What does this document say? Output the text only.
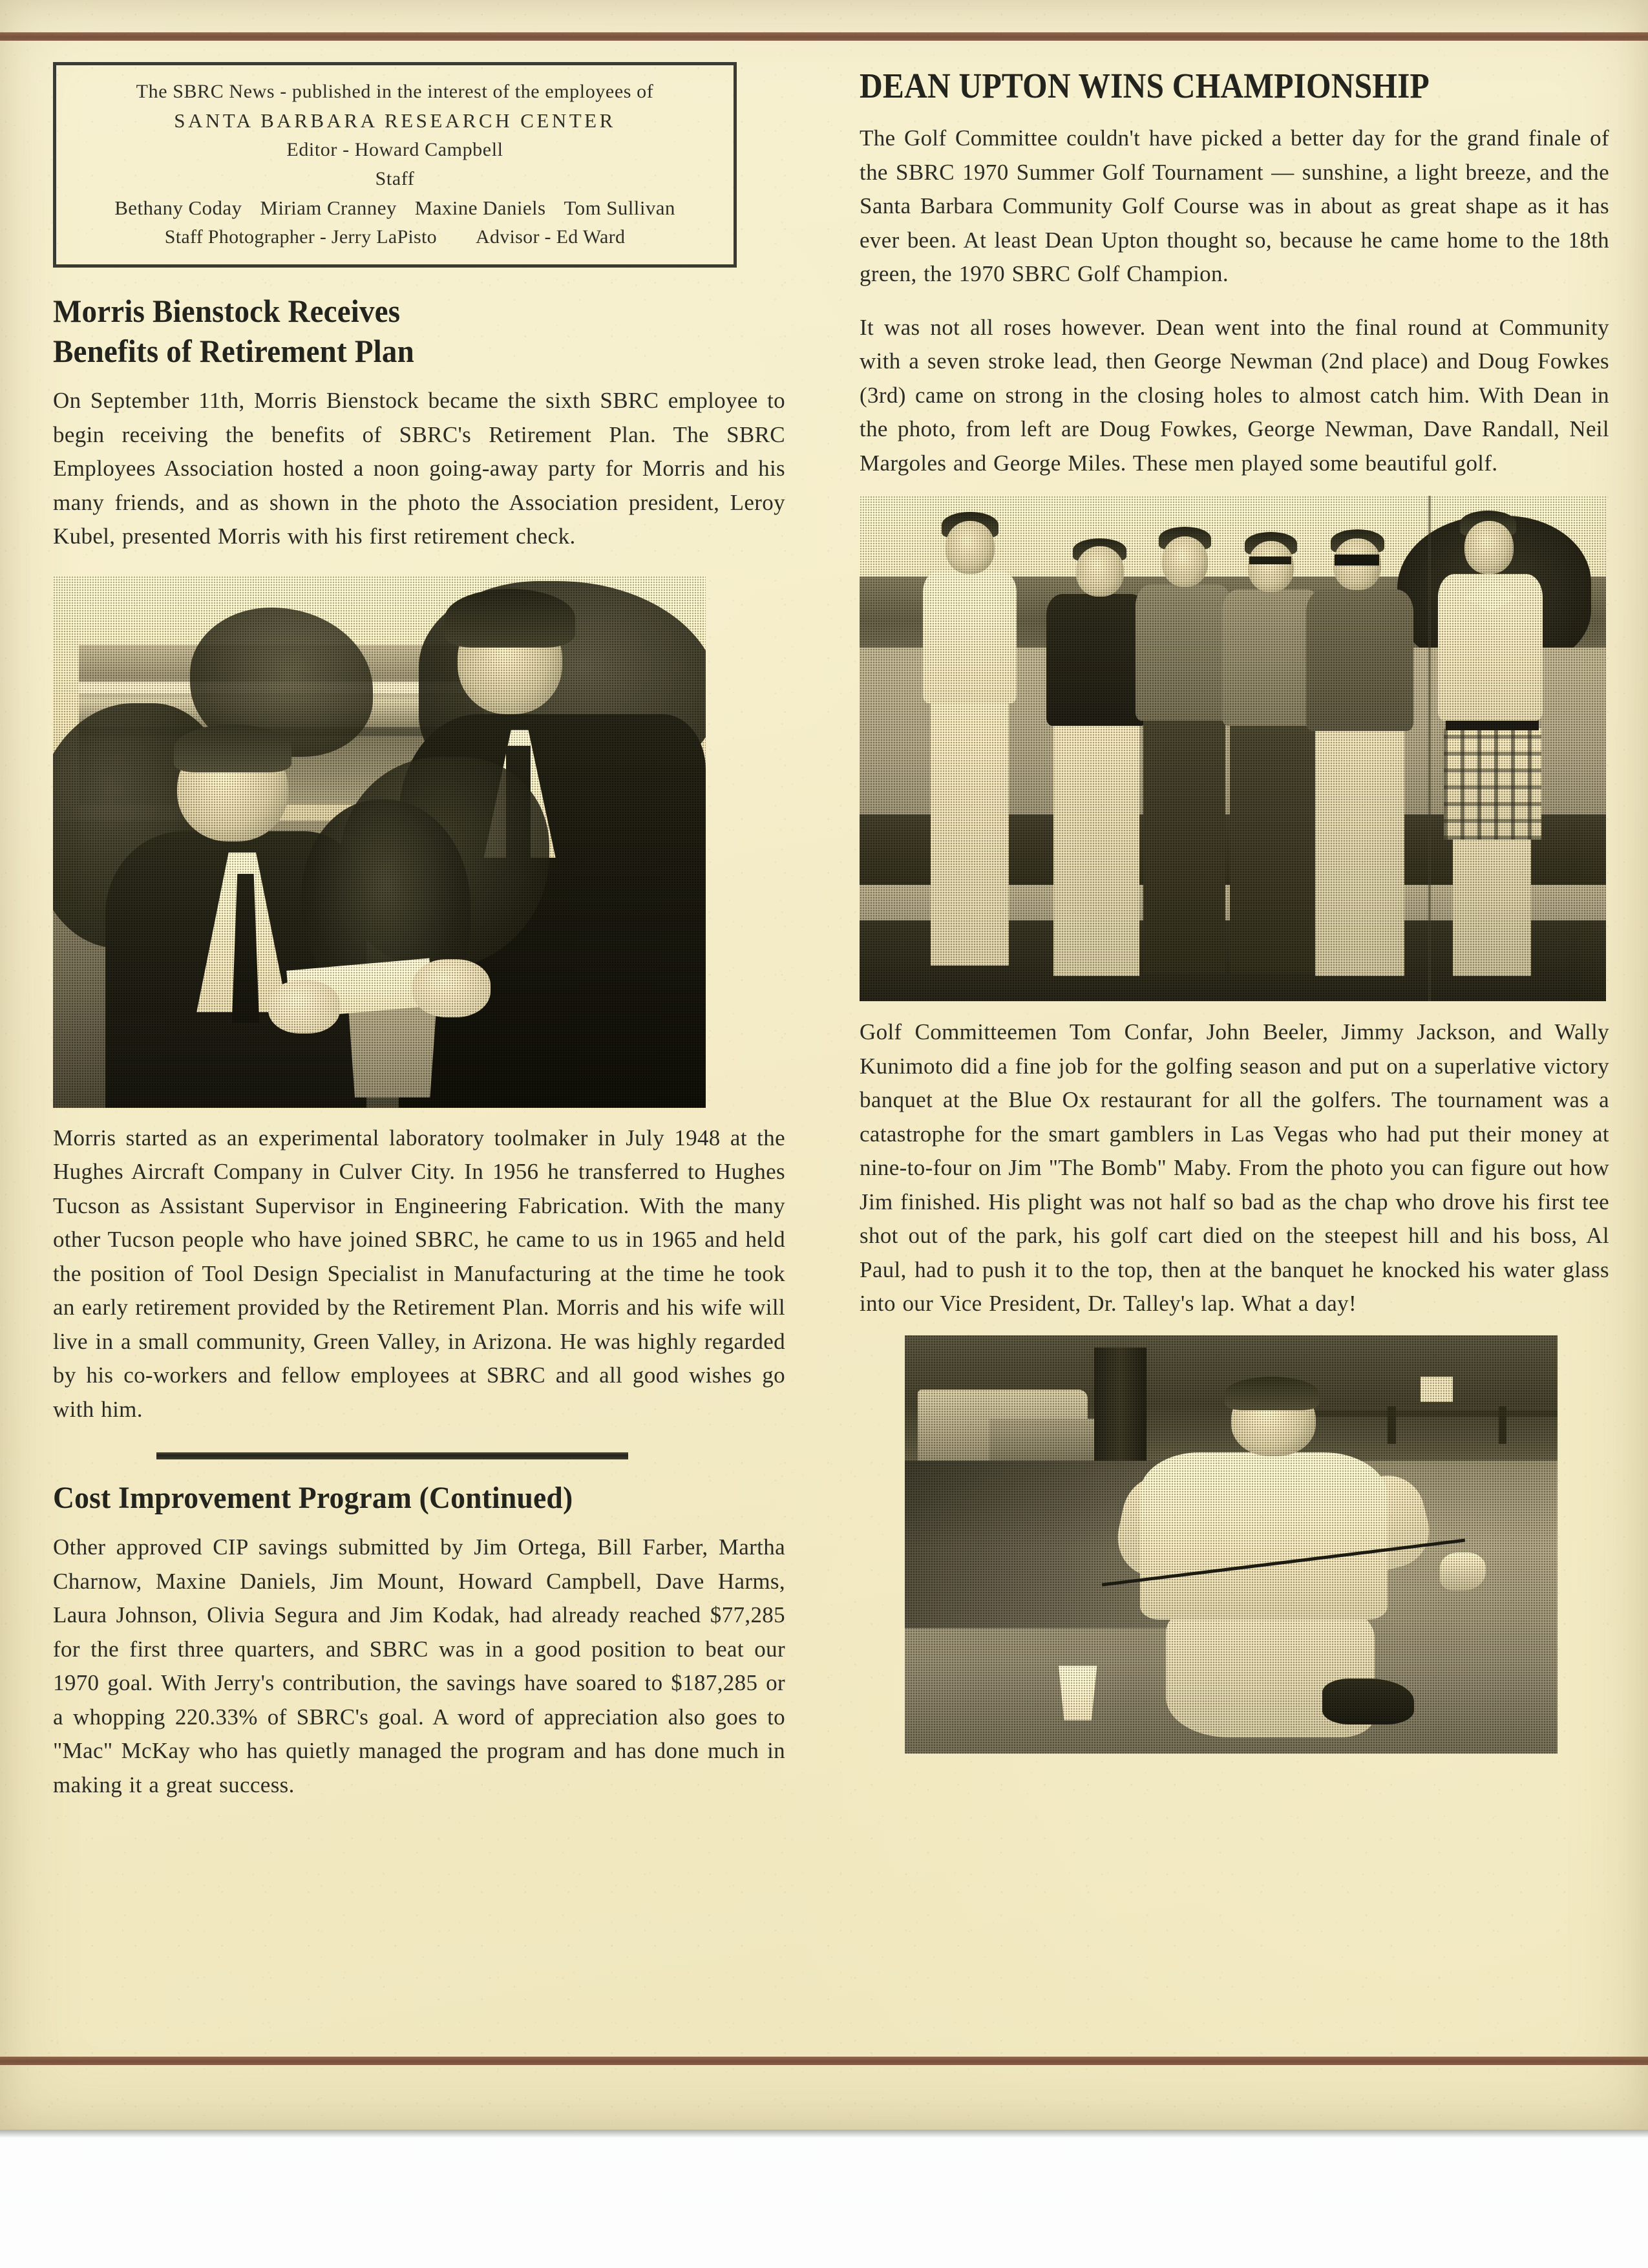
The SBRC News - published in the interest of the employees of
SANTA BARBARA RESEARCH CENTER
Editor - Howard Campbell
Staff
Bethany Coday Miriam Cranney Maxine Daniels Tom Sullivan
Staff Photographer - Jerry LaPisto Advisor - Ed Ward
Morris Bienstock Receives
Benefits of Retirement Plan

On September 11th, Morris Bienstock became the sixth SBRC employee to begin receiving the benefits of SBRC's Retirement Plan. The SBRC Employees Association hosted a noon going-away party for Morris and his many friends, and as shown in the photo the Association president, Leroy Kubel, presented Morris with his first retirement check.

Morris started as an experimental laboratory toolmaker in July 1948 at the Hughes Aircraft Company in Culver City. In 1956 he transferred to Hughes Tucson as Assistant Supervisor in Engineering Fabrication. With the many other Tucson people who have joined SBRC, he came to us in 1965 and held the position of Tool Design Specialist in Manufacturing at the time he took an early retirement provided by the Retirement Plan. Morris and his wife will live in a small community, Green Valley, in Arizona. He was highly regarded by his co-workers and fellow employees at SBRC and all good wishes go with him.

Cost Improvement Program (Continued)

Other approved CIP savings submitted by Jim Ortega, Bill Farber, Martha Charnow, Maxine Daniels, Jim Mount, Howard Campbell, Dave Harms, Laura Johnson, Olivia Segura and Jim Kodak, had already reached $77,285 for the first three quarters, and SBRC was in a good position to beat our 1970 goal. With Jerry's contribution, the savings have soared to $187,285 or a whopping 220.33% of SBRC's goal. A word of appreciation also goes to "Mac" McKay who has quietly managed the program and has done much in making it a great success.

DEAN UPTON WINS CHAMPIONSHIP

The Golf Committee couldn't have picked a better day for the grand finale of the SBRC 1970 Summer Golf Tournament — sunshine, a light breeze, and the Santa Barbara Community Golf Course was in about as great shape as it has ever been. At least Dean Upton thought so, because he came home to the 18th green, the 1970 SBRC Golf Champion.

It was not all roses however. Dean went into the final round at Community with a seven stroke lead, then George Newman (2nd place) and Doug Fowkes (3rd) came on strong in the closing holes to almost catch him. With Dean in the photo, from left are Doug Fowkes, George Newman, Dave Randall, Neil Margoles and George Miles. These men played some beautiful golf.

Golf Committeemen Tom Confar, John Beeler, Jimmy Jackson, and Wally Kunimoto did a fine job for the golfing season and put on a superlative victory banquet at the Blue Ox restaurant for all the golfers. The tournament was a catastrophe for the smart gamblers in Las Vegas who had put their money at nine-to-four on Jim "The Bomb" Maby. From the photo you can figure out how Jim finished. His plight was not half so bad as the chap who drove his first tee shot out of the park, his golf cart died on the steepest hill and his boss, Al Paul, had to push it to the top, then at the banquet he knocked his water glass into our Vice President, Dr. Talley's lap. What a day!
